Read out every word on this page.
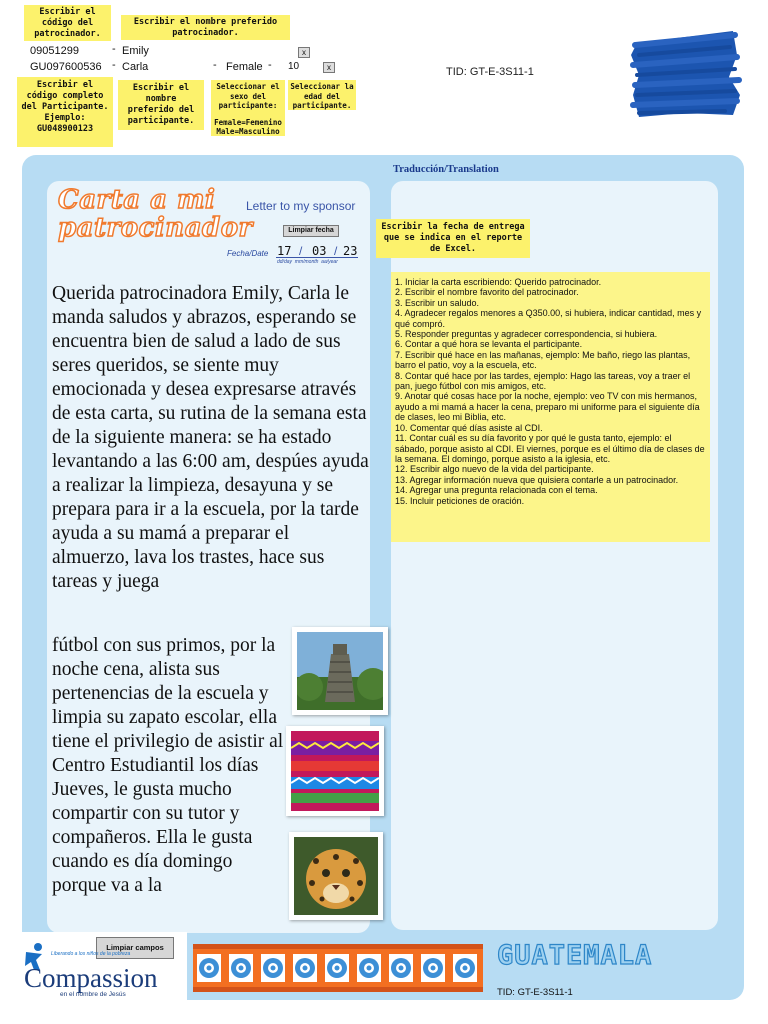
Escribir el código del patrocinador.
Escribir el nombre preferido patrocinador.
09051299	- Emily	x
GU097600536 - Carla	- Female - 10	x
Escribir el código completo del Participante. Ejemplo: GU048900123
Escribir el nombre preferido del participante.
Seleccionar el sexo del participante:
Female=Femenino Male=Masculino
Seleccionar la edad del participante.
TID: GT-E-3S11-1
Traducción/Translation
Carta a mi patrocinador
Letter to my sponsor
Limpiar fecha
Fecha/Date 17 / 03 / 23
dd/day  mm/month  aa/year
Escribir la fecha de entrega que se indica en el reporte de Excel.
1. Iniciar la carta escribiendo: Querido patrocinador.
2. Escribir el nombre favorito del patrocinador.
3. Escribir un saludo.
4. Agradecer regalos menores a Q350.00, si hubiera, indicar cantidad, mes y qué compró.
5. Responder preguntas y agradecer correspondencia, si hubiera.
6. Contar a qué hora se levanta el participante.
7. Escribir qué hace en las mañanas, ejemplo: Me baño, riego las plantas, barro el patio, voy a la escuela, etc.
8. Contar qué hace por las tardes, ejemplo: Hago las tareas, voy a traer el pan, juego fútbol con mis amigos, etc.
9. Anotar qué cosas hace por la noche, ejemplo: veo TV con mis hermanos, ayudo a mi mamá a hacer la cena, preparo mi uniforme para el siguiente día de clases, leo mi Biblia, etc.
10. Comentar qué días asiste al CDI.
11. Contar cuál es su día favorito y por qué le gusta tanto, ejemplo: el sábado, porque asisto al CDI. El viernes, porque es el último día de clases de la semana. El domingo, porque asisto a la iglesia, etc.
12. Escribir algo nuevo de la vida del participante.
13. Agregar información nueva que quisiera contarle a un patrocinador.
14. Agregar una pregunta relacionada con el tema.
15. Incluir peticiones de oración.
Querida patrocinadora Emily, Carla le manda saludos y abrazos, esperando se encuentra bien de salud a lado de sus seres queridos, se siente muy emocionada y desea expresarse através de esta carta, su rutina de la semana esta de la siguiente manera: se ha estado levantando a las 6:00 am, despúes ayuda a realizar la limpieza, desayuna y se prepara para ir a la escuela, por la tarde ayuda a su mamá a preparar el almuerzo, lava los trastes, hace sus tareas y juega
fútbol con sus primos, por la noche cena, alista sus pertenencias de la escuela y limpia su zapato escolar, ella tiene el privilegio de asistir al Centro Estudiantil los días Jueves, le gusta mucho compartir con su tutor y compañeros. Ella le gusta cuando es día domingo porque va a la
Limpiar campos
Liberando a los niños de la pobreza
Compassion
en el nombre de Jesús
GUATEMALA
TID: GT-E-3S11-1
